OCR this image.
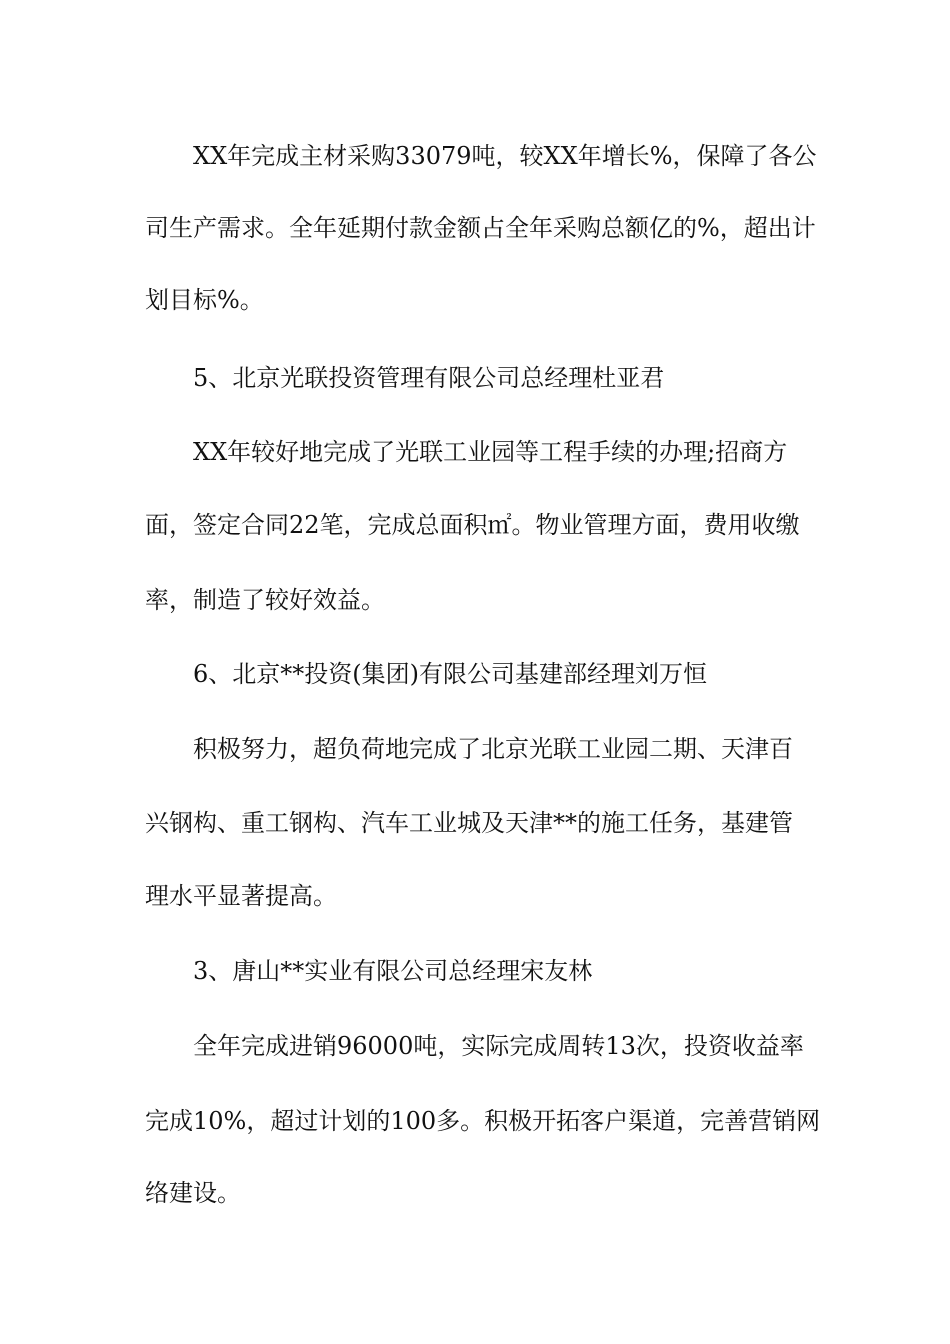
XX年完成主材采购33079吨，较XX年增长%，保障了各公
司生产需求。全年延期付款金额占全年采购总额亿的%，超出计
划目标%。
5、北京光联投资管理有限公司总经理杜亚君
XX年较好地完成了光联工业园等工程手续的办理;招商方
面，签定合同22笔，完成总面积㎡。物业管理方面，费用收缴
率，制造了较好效益。
6、北京**投资(集团)有限公司基建部经理刘万恒
积极努力，超负荷地完成了北京光联工业园二期、天津百
兴钢构、重工钢构、汽车工业城及天津**的施工任务，基建管
理水平显著提高。
3、唐山**实业有限公司总经理宋友林
全年完成进销96000吨，实际完成周转13次，投资收益率
完成10%，超过计划的100多。积极开拓客户渠道，完善营销网
络建设。
